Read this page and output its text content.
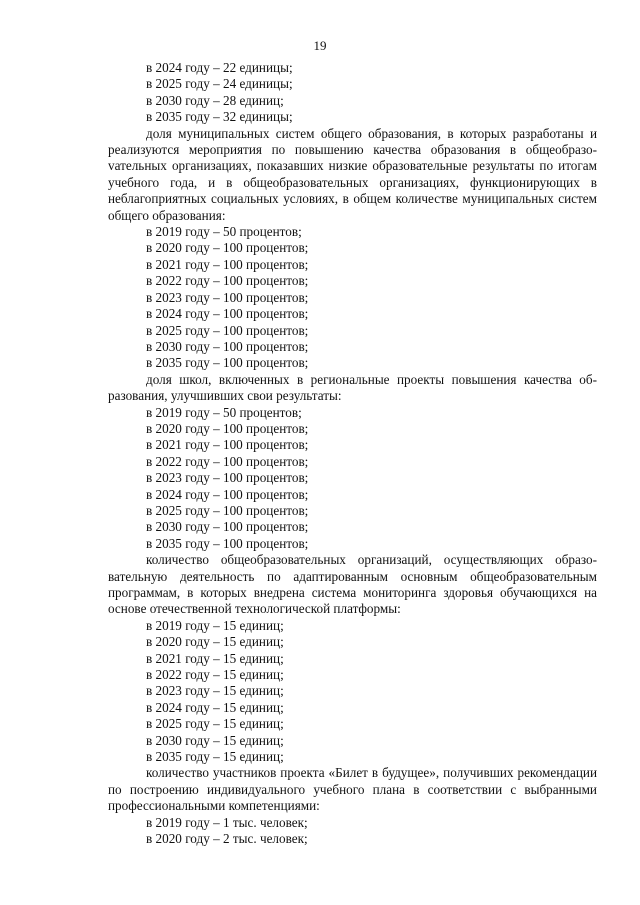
19
в 2024 году – 22 единицы;
в 2025 году – 24 единицы;
в 2030 году – 28 единиц;
в 2035 году – 32 единицы;
доля муниципальных систем общего образования, в которых разработаны и реализуются мероприятия по повышению качества образования в общеобразоvательных организациях, показавших низкие образовательные результаты по итогам учебного года, и в общеобразовательных организациях, функционирующих в неблагоприятных социальных условиях, в общем количестве муниципальных систем общего образования:
в 2019 году – 50 процентов;
в 2020 году – 100 процентов;
в 2021 году – 100 процентов;
в 2022 году – 100 процентов;
в 2023 году – 100 процентов;
в 2024 году – 100 процентов;
в 2025 году – 100 процентов;
в 2030 году – 100 процентов;
в 2035 году – 100 процентов;
доля школ, включенных в региональные проекты повышения качества образования, улучшивших свои результаты:
в 2019 году – 50 процентов;
в 2020 году – 100 процентов;
в 2021 году – 100 процентов;
в 2022 году – 100 процентов;
в 2023 году – 100 процентов;
в 2024 году – 100 процентов;
в 2025 году – 100 процентов;
в 2030 году – 100 процентов;
в 2035 году – 100 процентов;
количество общеобразовательных организаций, осуществляющих образовательную деятельность по адаптированным основным общеобразовательным программам, в которых внедрена система мониторинга здоровья обучающихся на основе отечественной технологической платформы:
в 2019 году – 15 единиц;
в 2020 году – 15 единиц;
в 2021 году – 15 единиц;
в 2022 году – 15 единиц;
в 2023 году – 15 единиц;
в 2024 году – 15 единиц;
в 2025 году – 15 единиц;
в 2030 году – 15 единиц;
в 2035 году – 15 единиц;
количество участников проекта «Билет в будущее», получивших рекомендации по построению индивидуального учебного плана в соответствии с выбранными профессиональными компетенциями:
в 2019 году – 1 тыс. человек;
в 2020 году – 2 тыс. человек;
